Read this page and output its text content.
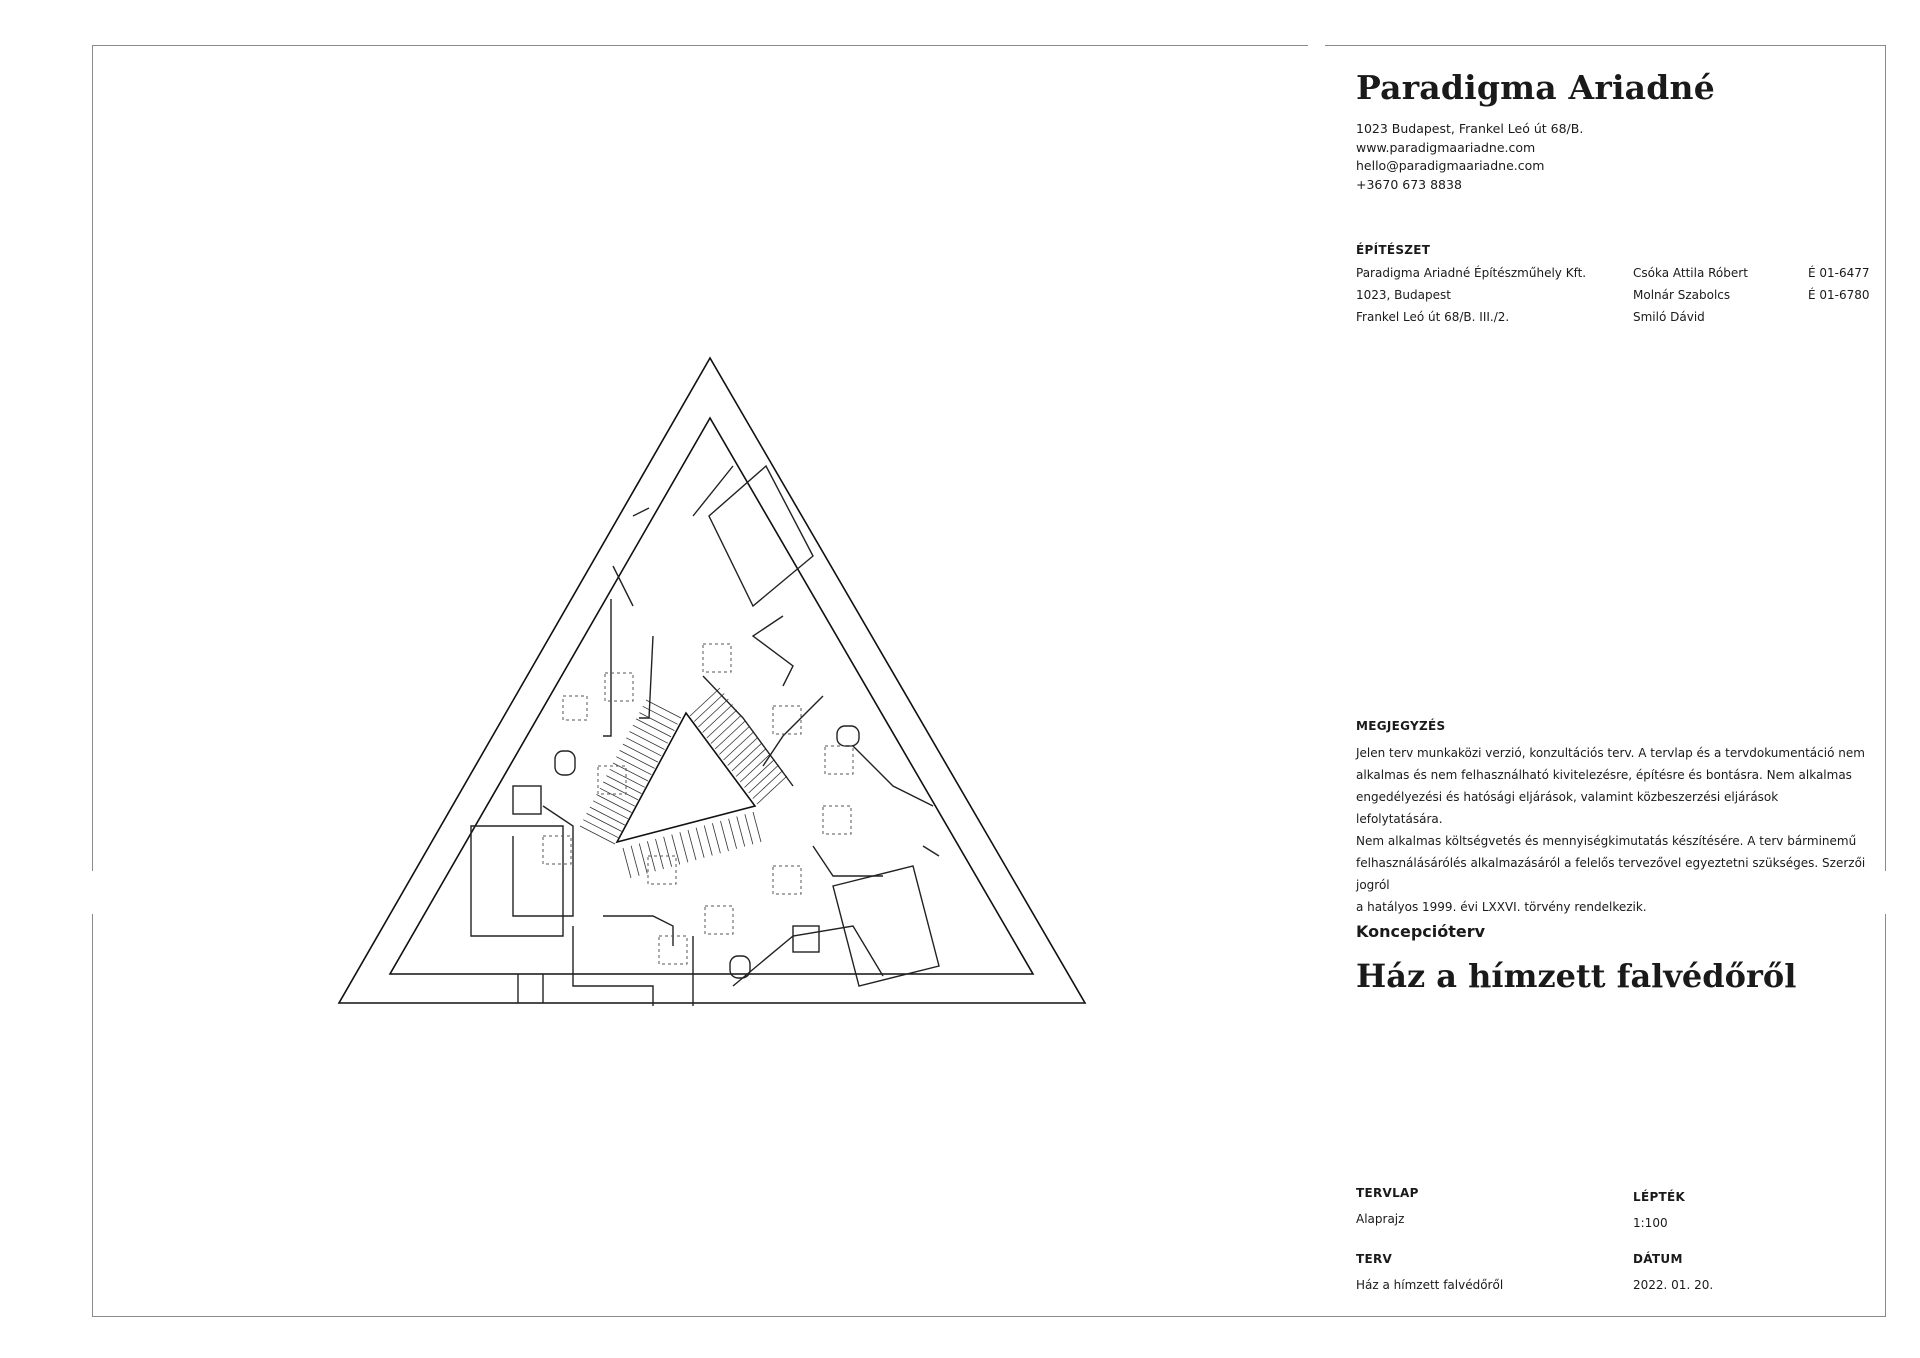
Paradigma Ariadné
1023 Budapest, Frankel Leó út 68/B.
www.paradigmaariadne.com
hello@paradigmaariadne.com
+3670 673 8838
ÉPÍTÉSZET
Paradigma Ariadné Építészműhely Kft.
1023, Budapest
Frankel Leó út 68/B. III./2.
Csóka Attila Róbert
Molnár Szabolcs
Smiló Dávid
É 01-6477
É 01-6780
MEGJEGYZÉS
Jelen terv munkaközi verzió, konzultációs terv. A tervlap és a tervdokumentáció nem
alkalmas és nem felhasználható kivitelezésre, építésre és bontásra. Nem alkalmas
engedélyezési és hatósági eljárások, valamint közbeszerzési eljárások lefolytatására.
Nem alkalmas költségvetés és mennyiségkimutatás készítésére. A terv bárminemű
felhasználásárólés alkalmazásáról a felelős tervezővel egyeztetni szükséges. Szerzői jogról
a hatályos 1999. évi LXXVI. törvény rendelkezik.
Koncepcióterv
Ház a hímzett falvédőről
TERVLAP
Alaprajz
LÉPTÉK
1:100
TERV
Ház a hímzett falvédőről
DÁTUM
2022. 01. 20.
